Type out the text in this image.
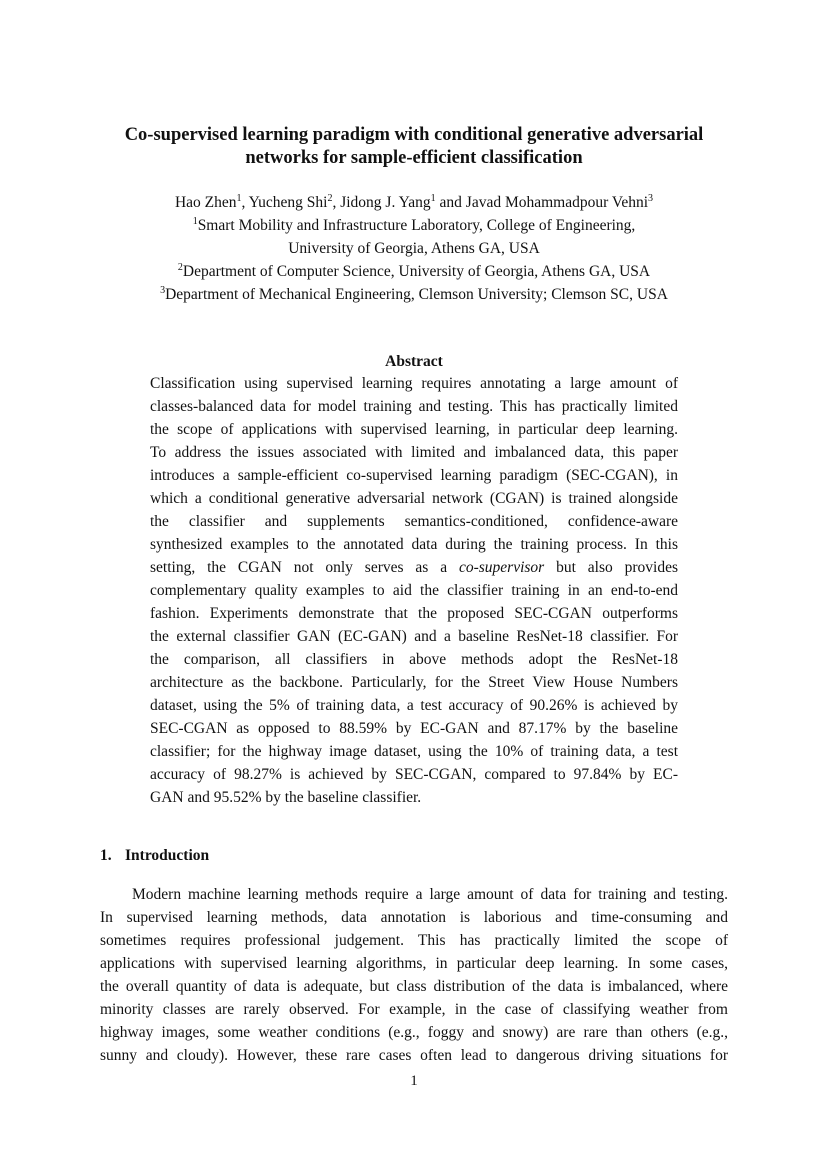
Co-supervised learning paradigm with conditional generative adversarial
networks for sample-efficient classification
Hao Zhen$^1$, Yucheng Shi$^2$, Jidong J. Yang$^1$ and Javad Mohammadpour Vehni$^3$
$^1$Smart Mobility and Infrastructure Laboratory, College of Engineering,
University of Georgia, Athens GA, USA
$^2$Department of Computer Science, University of Georgia, Athens GA, USA
$^3$Department of Mechanical Engineering, Clemson University; Clemson SC, USA
Abstract
Classification using supervised learning requires annotating a large amount of
classes-balanced data for model training and testing. This has practically limited
the scope of applications with supervised learning, in particular deep learning.
To address the issues associated with limited and imbalanced data, this paper
introduces a sample-efficient co-supervised learning paradigm (SEC-CGAN), in
which a conditional generative adversarial network (CGAN) is trained alongside
the classifier and supplements semantics-conditioned, confidence-aware
synthesized examples to the annotated data during the training process. In this
setting, the CGAN not only serves as a co-supervisor but also provides
complementary quality examples to aid the classifier training in an end-to-end
fashion. Experiments demonstrate that the proposed SEC-CGAN outperforms
the external classifier GAN (EC-GAN) and a baseline ResNet-18 classifier. For
the comparison, all classifiers in above methods adopt the ResNet-18
architecture as the backbone. Particularly, for the Street View House Numbers
dataset, using the 5% of training data, a test accuracy of 90.26% is achieved by
SEC-CGAN as opposed to 88.59% by EC-GAN and 87.17% by the baseline
classifier; for the highway image dataset, using the 10% of training data, a test
accuracy of 98.27% is achieved by SEC-CGAN, compared to 97.84% by EC-
GAN and 95.52% by the baseline classifier.
1. Introduction
Modern machine learning methods require a large amount of data for training and testing.
In supervised learning methods, data annotation is laborious and time-consuming and
sometimes requires professional judgement. This has practically limited the scope of
applications with supervised learning algorithms, in particular deep learning. In some cases,
the overall quantity of data is adequate, but class distribution of the data is imbalanced, where
minority classes are rarely observed. For example, in the case of classifying weather from
highway images, some weather conditions (e.g., foggy and snowy) are rare than others (e.g.,
sunny and cloudy). However, these rare cases often lead to dangerous driving situations for
1
